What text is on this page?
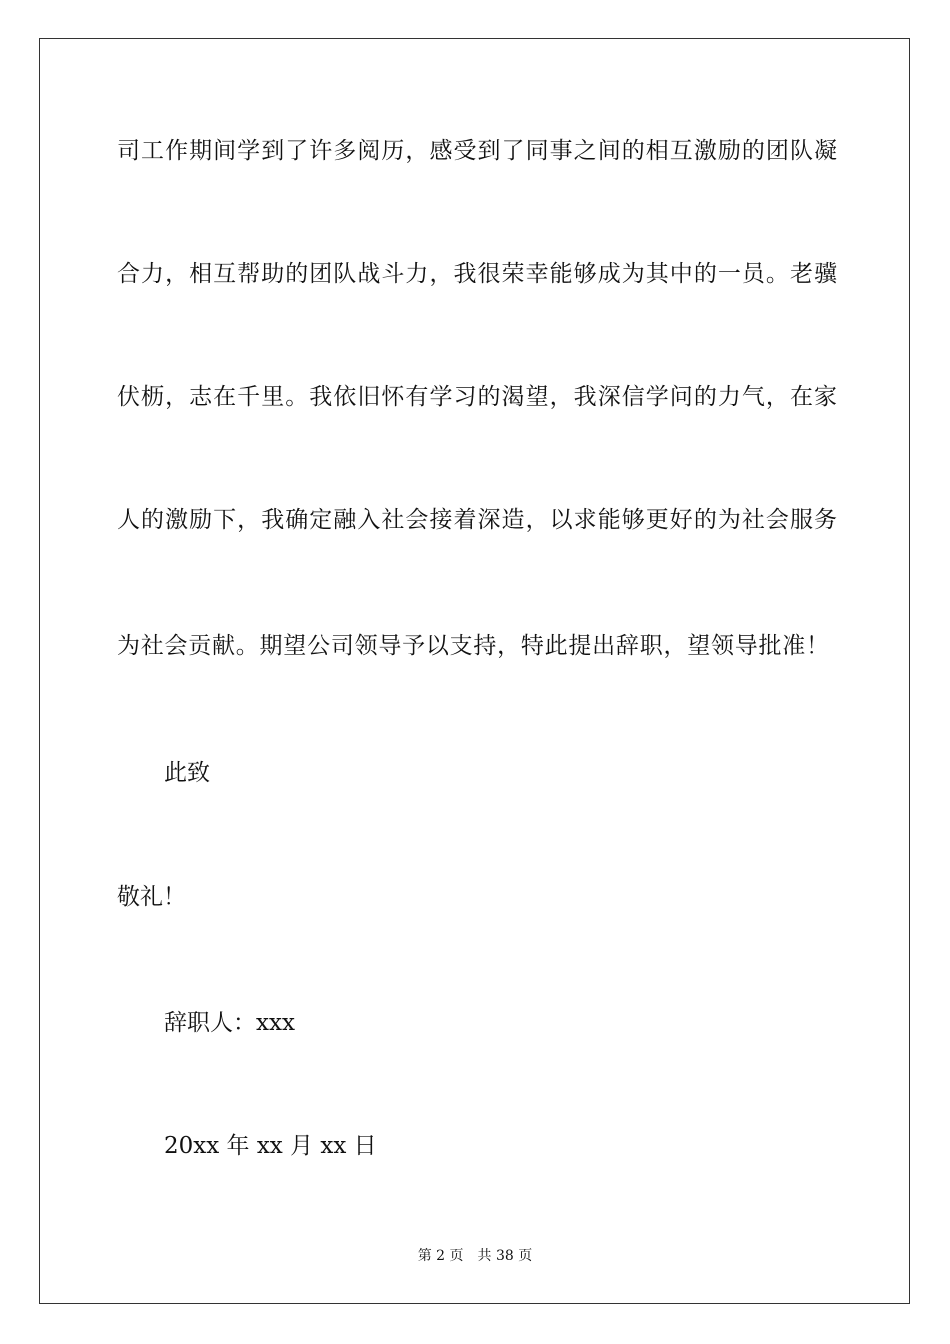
司工作期间学到了许多阅历，感受到了同事之间的相互激励的团队凝
合力，相互帮助的团队战斗力，我很荣幸能够成为其中的一员。老骥
伏枥，志在千里。我依旧怀有学习的渴望，我深信学问的力气，在家
人的激励下，我确定融入社会接着深造，以求能够更好的为社会服务
为社会贡献。期望公司领导予以支持，特此提出辞职，望领导批准！
此致
敬礼！
辞职人：xxx
20xx 年 xx 月 xx 日
第 2 页 共 38 页
